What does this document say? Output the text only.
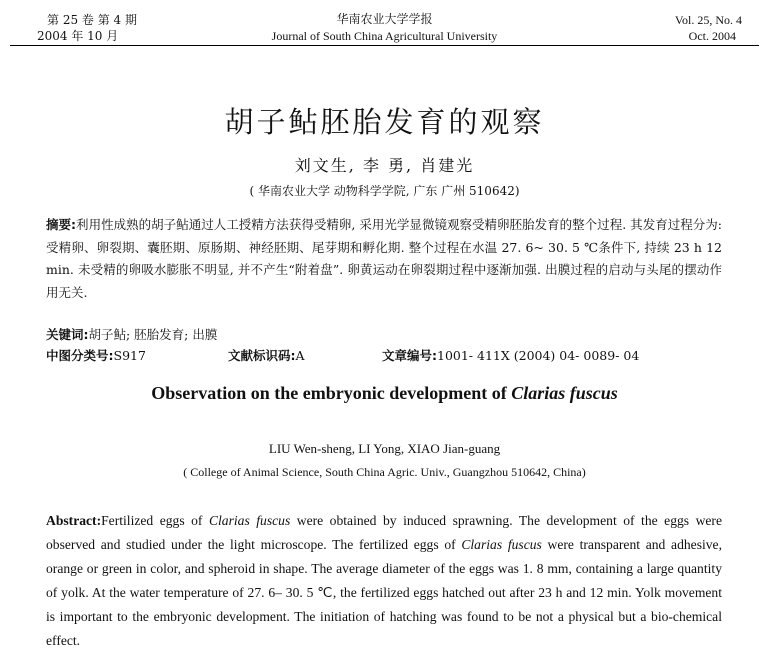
第 25 卷 第 4 期
2004 年 10 月
华南农业大学学报
Journal of South China Agricultural University
Vol. 25, No. 4
Oct. 2004
胡子鲇胚胎发育的观察
刘文生, 李 勇, 肖建光
( 华南农业大学 动物科学学院, 广东 广州 510642)
摘要:利用性成熟的胡子鲇通过人工授精方法获得受精卵, 采用光学显微镜观察受精卵胚胎发育的整个过程. 其发育过程分为: 受精卵、卵裂期、囊胚期、原肠期、神经胚期、尾芽期和孵化期. 整个过程在水温 27. 6~ 30. 5 ℃条件下, 持续 23 h 12 min. 未受精的卵吸水膨胀不明显, 并不产生“附着盘”. 卵黄运动在卵裂期过程中逐渐加强. 出膜过程的启动与头尾的摆动作用无关.
关键词:胡子鲇; 胚胎发育; 出膜
中图分类号:S917	文献标识码:A	文章编号:1001- 411X (2004) 04- 0089- 04
Observation on the embryonic development of Clarias fuscus
LIU Wen-sheng, LI Yong, XIAO Jian-guang
( College of Animal Science, South China Agric. Univ., Guangzhou 510642, China)
Abstract:Fertilized eggs of Clarias fuscus were obtained by induced sprawning. The development of the eggs were observed and studied under the light microscope. The fertilized eggs of Clarias fuscus were transparent and adhesive, orange or green in color, and spheroid in shape. The average diameter of the eggs was 1. 8 mm, containing a large quantity of yolk. At the water temperature of 27. 6– 30. 5 ℃, the fertilized eggs hatched out after 23 h and 12 min. Yolk movement is important to the embryonic development. The initiation of hatching was found to be not a physical but a bio-chemical effect.
